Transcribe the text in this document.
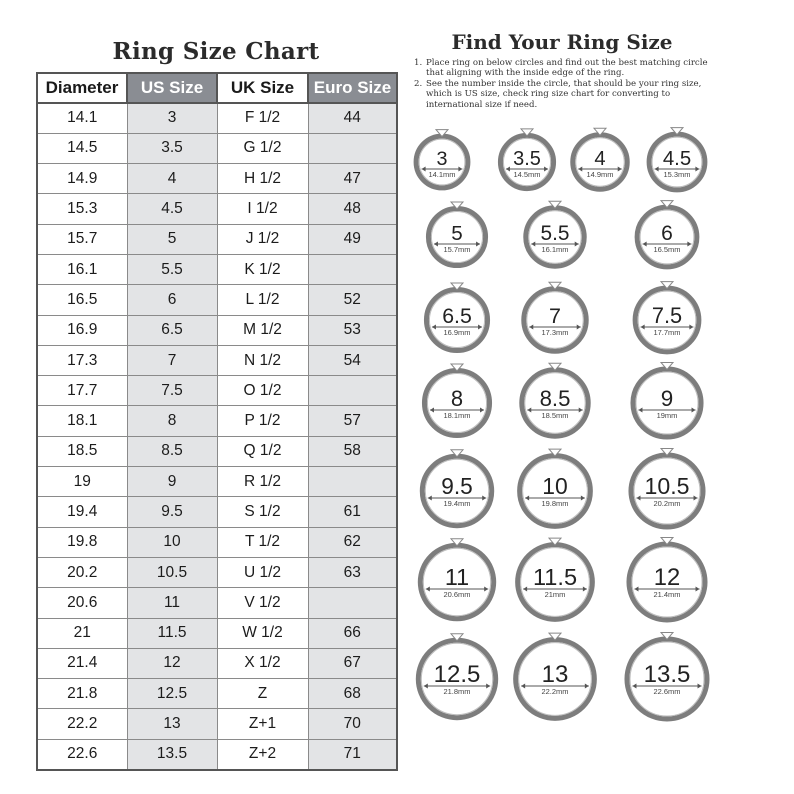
Ring Size Chart
Diameter	US Size	UK Size	Euro Size
14.1	3	F 1/2	44
14.5	3.5	G 1/2	
14.9	4	H 1/2	47
15.3	4.5	I 1/2	48
15.7	5	J 1/2	49
16.1	5.5	K 1/2	
16.5	6	L 1/2	52
16.9	6.5	M 1/2	53
17.3	7	N 1/2	54
17.7	7.5	O 1/2	
18.1	8	P 1/2	57
18.5	8.5	Q 1/2	58
19	9	R 1/2	
19.4	9.5	S 1/2	61
19.8	10	T 1/2	62
20.2	10.5	U 1/2	63
20.6	11	V 1/2	
21	11.5	W 1/2	66
21.4	12	X 1/2	67
21.8	12.5	Z	68
22.2	13	Z+1	70
22.6	13.5	Z+2	71
Find Your Ring Size
1. Place ring on below circles and find out the best matching circle that aligning with the inside edge of the ring.
2. See the number inside the circle, that should be your ring size, which is US size, check ring size chart for converting to international size if need.
3
14.1mm
3.5
14.5mm
4
14.9mm
4.5
15.3mm
5
15.7mm
5.5
16.1mm
6
16.5mm
6.5
16.9mm
7
17.3mm
7.5
17.7mm
8
18.1mm
8.5
18.5mm
9
19mm
9.5
19.4mm
10
19.8mm
10.5
20.2mm
11
20.6mm
11.5
21mm
12
21.4mm
12.5
21.8mm
13
22.2mm
13.5
22.6mm
